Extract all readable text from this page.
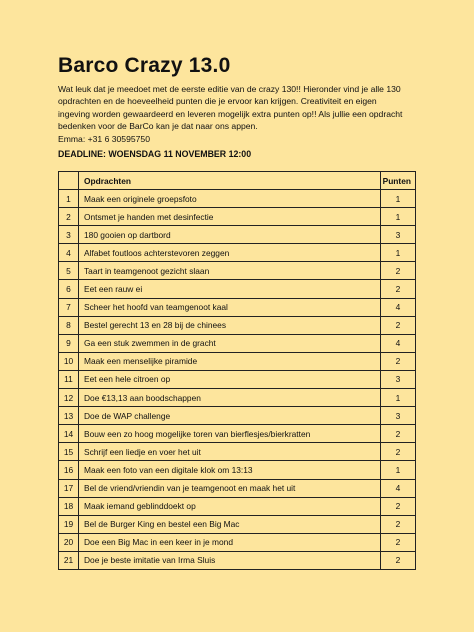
Barco Crazy 13.0
Wat leuk dat je meedoet met de eerste editie van de crazy 130!! Hieronder vind je alle 130
opdrachten en de hoeveelheid punten die je ervoor kan krijgen. Creativiteit en eigen
ingeving worden gewaardeerd en leveren mogelijk extra punten op!! Als jullie een opdracht
bedenken voor de BarCo kan je dat naar ons appen.
Emma: +31 6 30595750
DEADLINE: WOENSDAG 11 NOVEMBER 12:00
	Opdrachten	Punten
1	Maak een originele groepsfoto	1
2	Ontsmet je handen met desinfectie	1
3	180 gooien op dartbord	3
4	Alfabet foutloos achterstevoren zeggen	1
5	Taart in teamgenoot gezicht slaan	2
6	Eet een rauw ei	2
7	Scheer het hoofd van teamgenoot kaal	4
8	Bestel gerecht 13 en 28 bij de chinees	2
9	Ga een stuk zwemmen in de gracht	4
10	Maak een menselijke piramide	2
11	Eet een hele citroen op	3
12	Doe €13,13 aan boodschappen	1
13	Doe de WAP challenge	3
14	Bouw een zo hoog mogelijke toren van bierflesjes/bierkratten	2
15	Schrijf een liedje en voer het uit	2
16	Maak een foto van een digitale klok om 13:13	1
17	Bel de vriend/vriendin van je teamgenoot en maak het uit	4
18	Maak iemand geblinddoekt op	2
19	Bel de Burger King en bestel een Big Mac	2
20	Doe een Big Mac in een keer in je mond	2
21	Doe je beste imitatie van Irma Sluis	2
